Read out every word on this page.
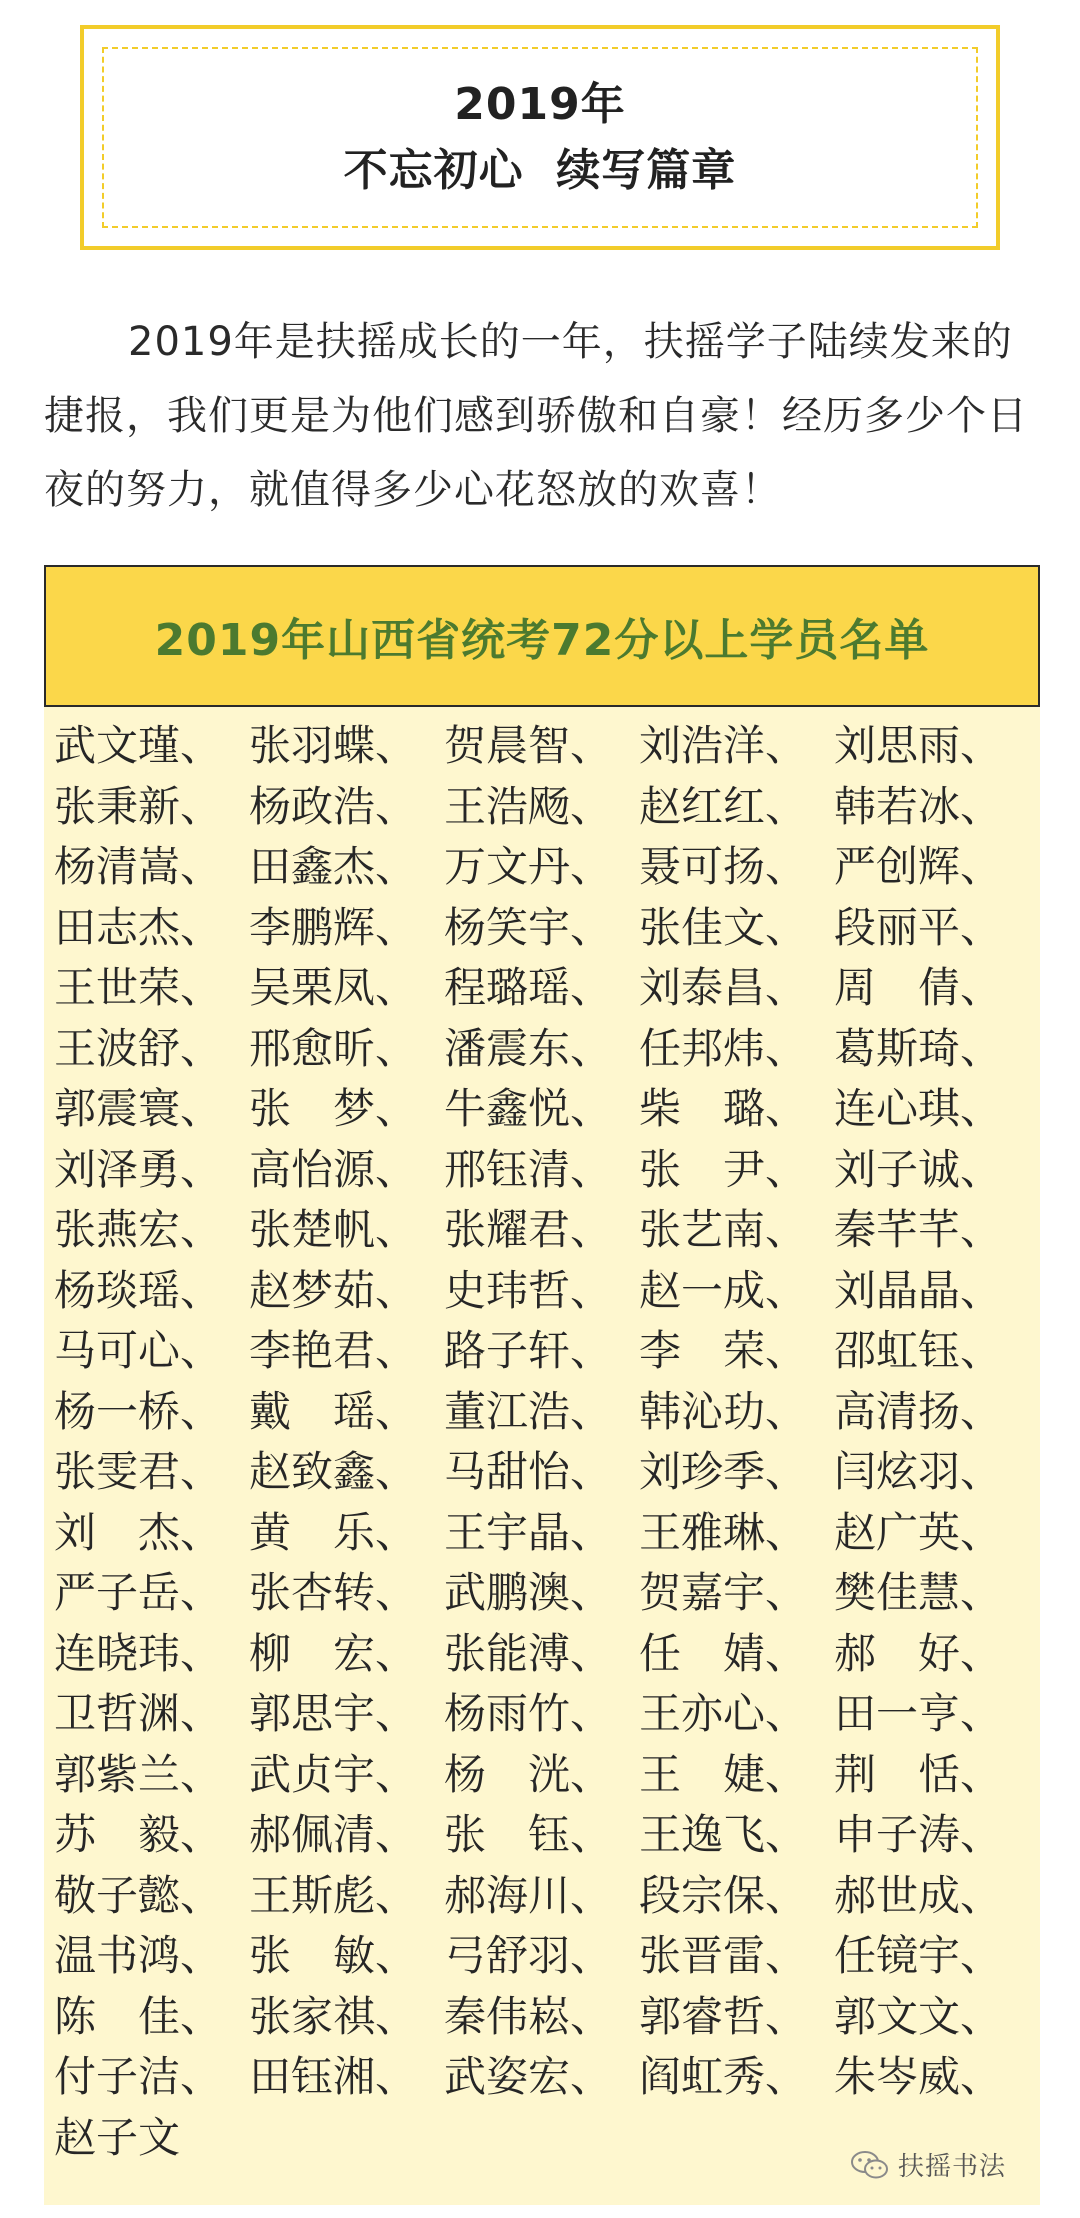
2019年
不忘初心  续写篇章

2019年是扶摇成长的一年，扶摇学子陆续发来的捷报，我们更是为他们感到骄傲和自豪！经历多少个日夜的努力，就值得多少心花怒放的欢喜！

2019年山西省统考72分以上学员名单
武文瑾、 张羽蝶、 贺晨智、 刘浩洋、 刘思雨、
张秉新、 杨政浩、 王浩飏、 赵红红、 韩若冰、
杨清嵩、 田鑫杰、 万文丹、 聂可扬、 严创辉、
田志杰、 李鹏辉、 杨笑宇、 张佳文、 段丽平、
王世荣、 吴栗凤、 程璐瑶、 刘泰昌、 周　倩、
王波舒、 邢愈昕、 潘震东、 任邦炜、 葛斯琦、
郭震寰、 张　梦、 牛鑫悦、 柴　璐、 连心琪、
刘泽勇、 高怡源、 邢钰清、 张　尹、 刘子诚、
张燕宏、 张楚帆、 张耀君、 张艺南、 秦芊芊、
杨琰瑶、 赵梦茹、 史玮哲、 赵一成、 刘晶晶、
马可心、 李艳君、 路子轩、 李　荣、 邵虹钰、
杨一桥、 戴　瑶、 董江浩、 韩沁玏、 高清扬、
张雯君、 赵致鑫、 马甜怡、 刘珍季、 闫炫羽、
刘　杰、 黄　乐、 王宇晶、 王雅琳、 赵广英、
严子岳、 张杏转、 武鹏澳、 贺嘉宇、 樊佳慧、
连晓玮、 柳　宏、 张能溥、 任　婧、 郝　好、
卫哲渊、 郭思宇、 杨雨竹、 王亦心、 田一亨、
郭紫兰、 武贞宇、 杨　洸、 王　婕、 荆　恬、
苏　毅、 郝佩清、 张　钰、 王逸飞、 申子涛、
敬子懿、 王斯彪、 郝海川、 段宗保、 郝世成、
温书鸿、 张　敏、 弓舒羽、 张晋雷、 任镜宇、
陈　佳、 张家祺、 秦伟崧、 郭睿哲、 郭文文、
付子洁、 田钰湘、 武姿宏、 阎虹秀、 朱岑威、
赵子文
扶摇书法
